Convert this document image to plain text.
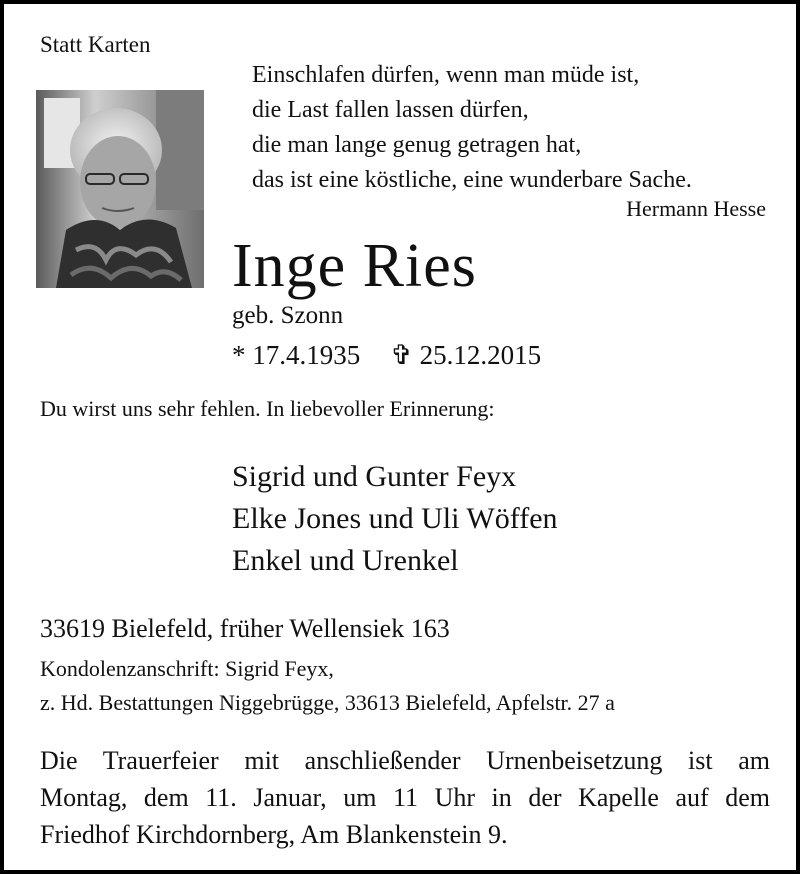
Statt Karten
Einschlafen dürfen, wenn man müde ist,
die Last fallen lassen dürfen,
die man lange genug getragen hat,
das ist eine köstliche, eine wunderbare Sache.
Hermann Hesse
Inge Ries
geb. Szonn
* 17.4.1935 ✞ 25.12.2015
Du wirst uns sehr fehlen. In liebevoller Erinnerung:
Sigrid und Gunter Feyx
Elke Jones und Uli Wöffen
Enkel und Urenkel
33619 Bielefeld, früher Wellensiek 163
Kondolenzanschrift: Sigrid Feyx,
z. Hd. Bestattungen Niggebrügge, 33613 Bielefeld, Apfelstr. 27 a
Die Trauerfeier mit anschließender Urnenbeisetzung ist am
Montag, dem 11. Januar, um 11 Uhr in der Kapelle auf dem
Friedhof Kirchdornberg, Am Blankenstein 9.
